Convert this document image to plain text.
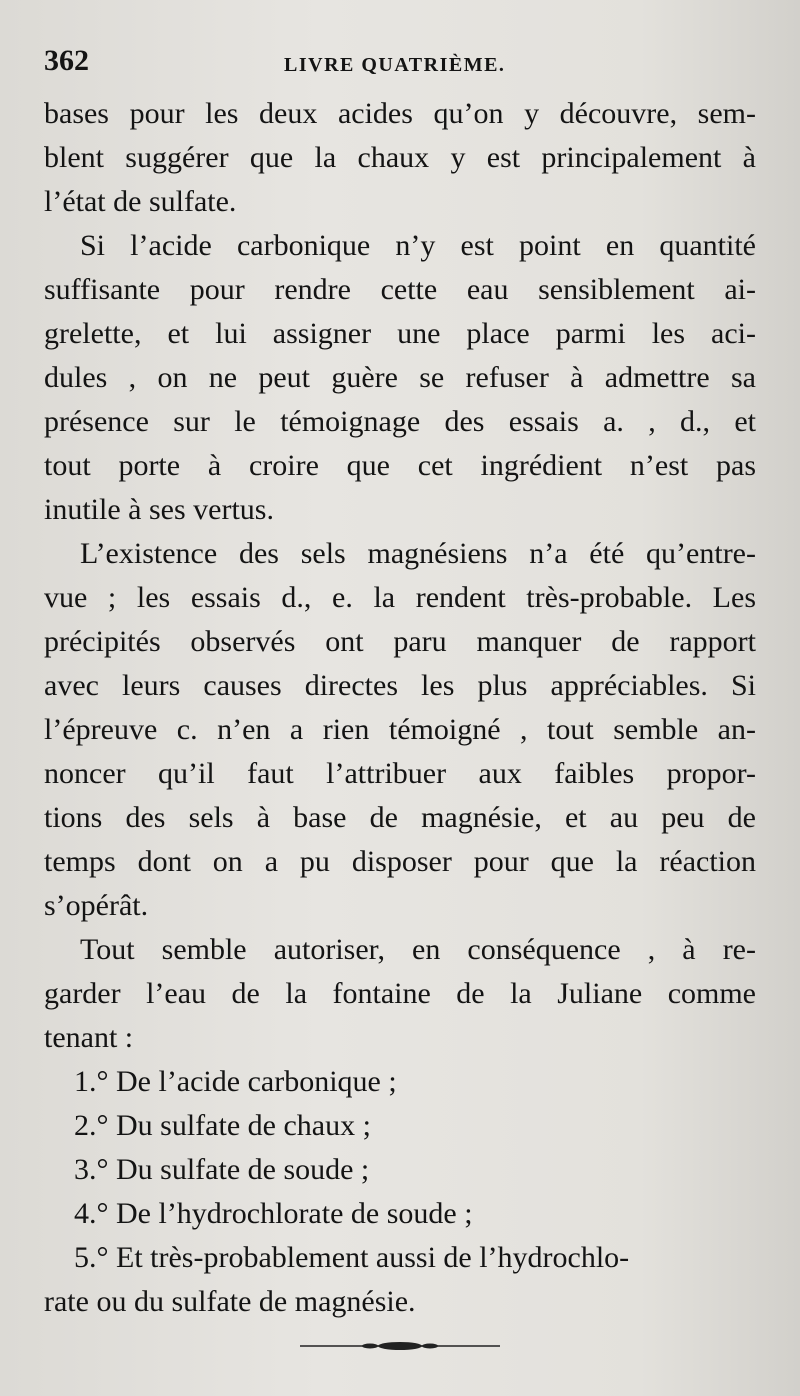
362	LIVRE QUATRIÈME.
bases pour les deux acides qu’on y découvre, sem-
blent suggérer que la chaux y est principalement à
l’état de sulfate.
Si l’acide carbonique n’y est point en quantité
suffisante pour rendre cette eau sensiblement ai-
grelette, et lui assigner une place parmi les aci-
dules , on ne peut guère se refuser à admettre sa
présence sur le témoignage des essais a. , d., et
tout porte à croire que cet ingrédient n’est pas
inutile à ses vertus.
L’existence des sels magnésiens n’a été qu’entre-
vue ; les essais d., e. la rendent très-probable. Les
précipités observés ont paru manquer de rapport
avec leurs causes directes les plus appréciables. Si
l’épreuve c. n’en a rien témoigné , tout semble an-
noncer qu’il faut l’attribuer aux faibles propor-
tions des sels à base de magnésie, et au peu de
temps dont on a pu disposer pour que la réaction
s’opérât.
Tout semble autoriser, en conséquence , à re-
garder l’eau de la fontaine de la Juliane comme
tenant :
1.° De l’acide carbonique ;
2.° Du sulfate de chaux ;
3.° Du sulfate de soude ;
4.° De l’hydrochlorate de soude ;
5.° Et très-probablement aussi de l’hydrochlo-
rate ou du sulfate de magnésie.
